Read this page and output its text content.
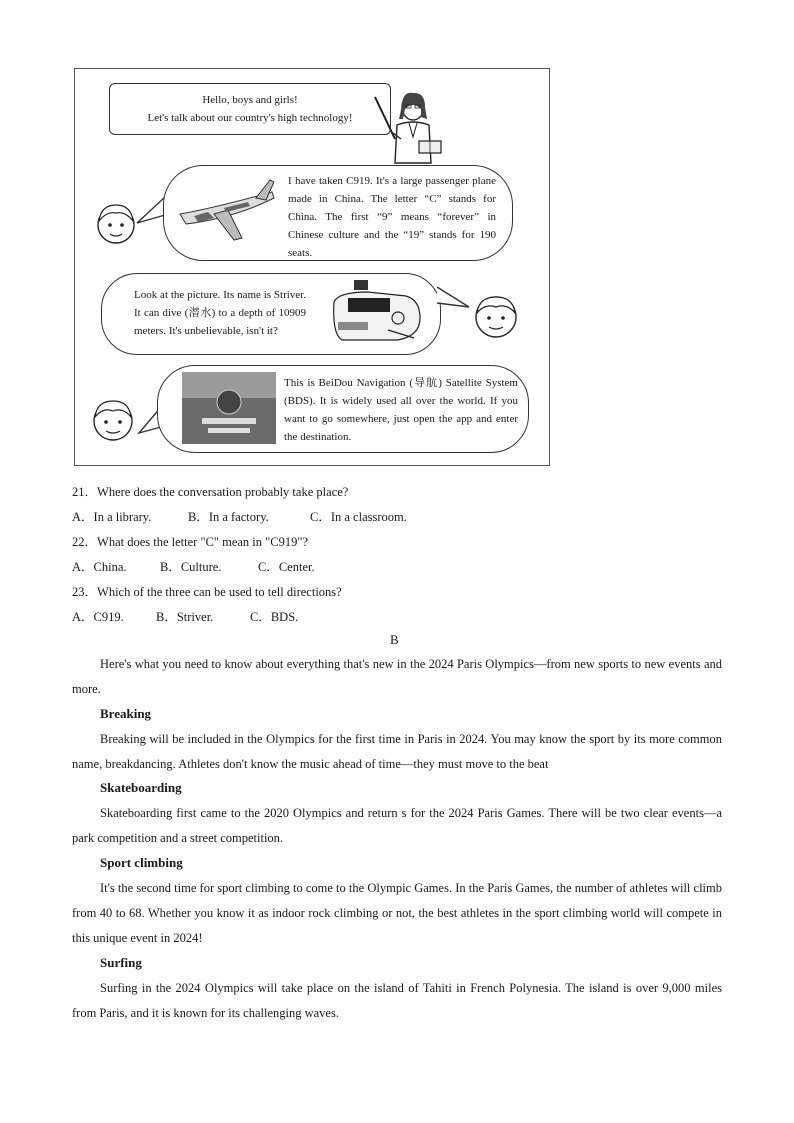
Hello, boys and girls!
Let's talk about our country's high technology!
I have taken C919. It's a large passenger plane made in China. The letter “C” stands for China. The first “9” means “forever” in Chinese culture and the “19” stands for 190 seats.
Look at the picture. Its name is Striver. It can dive (潜水) to a depth of 10909 meters. It's unbelievable, isn't it?
This is BeiDou Navigation (导航) Satellite System (BDS). It is widely used all over the world. If you want to go somewhere, just open the app and enter the destination.
21．Where does the conversation probably take place?
A．In a library.	B．In a factory.	C．In a classroom.
22．What does the letter "C" mean in "C919"?
A．China.	B．Culture.	C．Center.
23．Which of the three can be used to tell directions?
A．C919.	B．Striver.	C．BDS.
B
Here's what you need to know about everything that's new in the 2024 Paris Olympics—from new sports to new events and more.
Breaking
Breaking will be included in the Olympics for the first time in Paris in 2024. You may know the sport by its more common name, breakdancing. Athletes don't know the music ahead of time—they must move to the beat
Skateboarding
Skateboarding first came to the 2020 Olympics and return s for the 2024 Paris Games. There will be two clear events—a park competition and a street competition.
Sport climbing
It's the second time for sport climbing to come to the Olympic Games. In the Paris Games, the number of athletes will climb from 40 to 68. Whether you know it as indoor rock climbing or not, the best athletes in the sport climbing world will compete in this unique event in 2024!
Surfing
Surfing in the 2024 Olympics will take place on the island of Tahiti in French Polynesia. The island is over 9,000 miles from Paris, and it is known for its challenging waves.
